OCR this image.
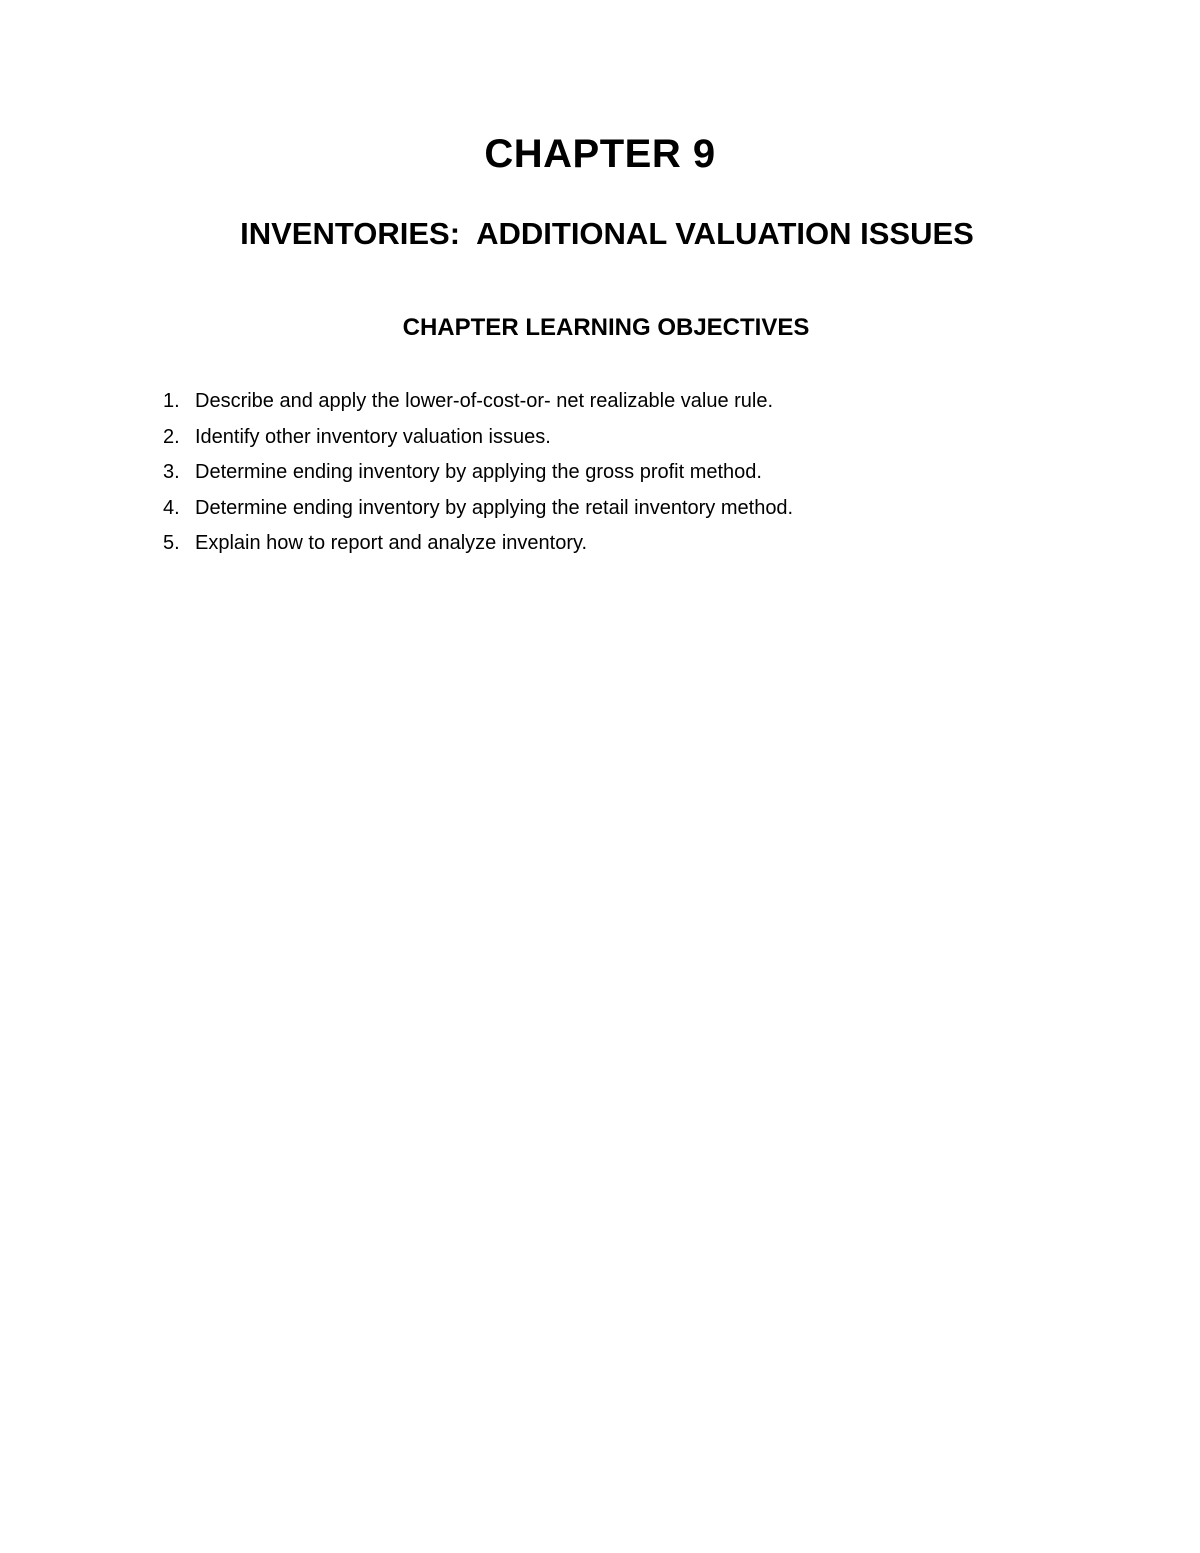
CHAPTER 9
INVENTORIES:  ADDITIONAL VALUATION ISSUES
CHAPTER LEARNING OBJECTIVES
1. Describe and apply the lower-of-cost-or- net realizable value rule.
2. Identify other inventory valuation issues.
3. Determine ending inventory by applying the gross profit method.
4. Determine ending inventory by applying the retail inventory method.
5. Explain how to report and analyze inventory.
